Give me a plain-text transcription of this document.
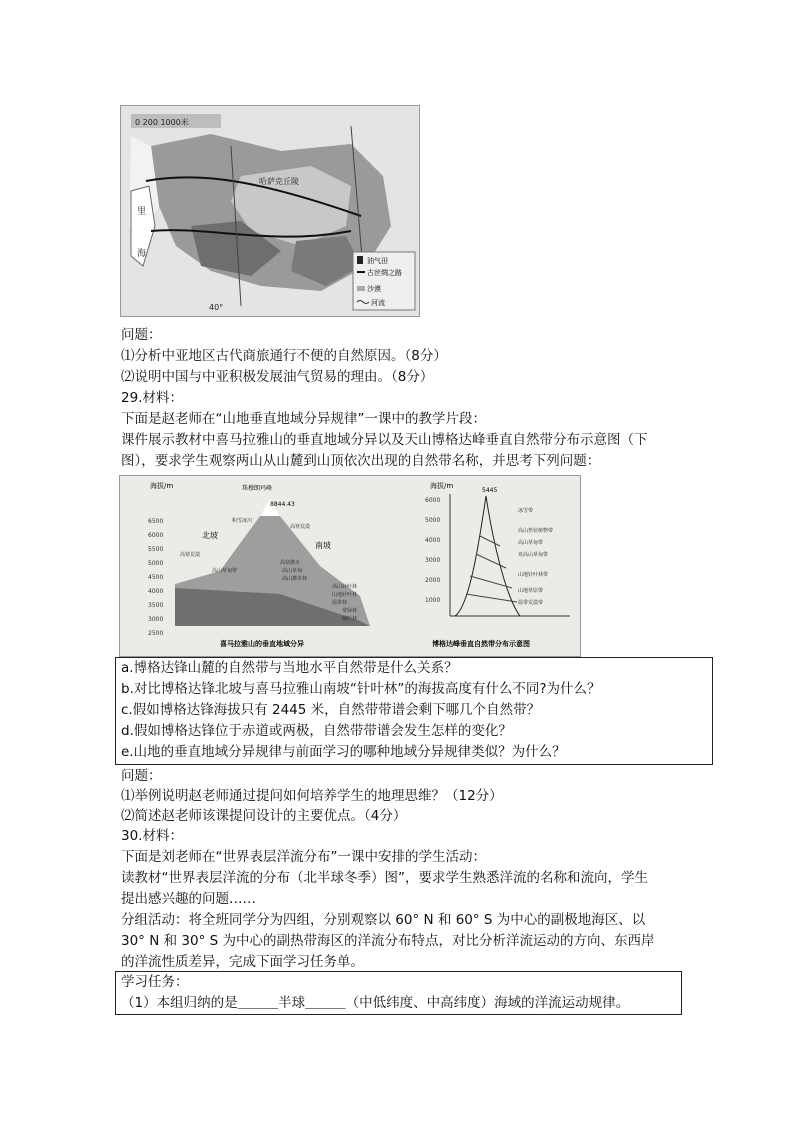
0 200 1000米
哈萨克丘陵
里
海
40°
油气田
古丝绸之路
沙漠
河流
问题：
⑴分析中亚地区古代商旅通行不便的自然原因。（8分）
⑵说明中国与中亚积极发展油气贸易的理由。（8分）
29.材料：
下面是赵老师在“山地垂直地域分异规律”一课中的教学片段：
课件展示教材中喜马拉雅山的垂直地域分异以及天山博格达峰垂直自然带分布示意图（下
图），要求学生观察两山从山麓到山顶依次出现的自然带名称，并思考下列问题：
海拔/m
6500
6000
5500
5000
4500
4000
3500
3000
2500
珠穆朗玛峰
8844.43
北坡
南坡
积雪冰川
高寒荒漠
高山草甸带
高寒荒漠
高寒灌木
高山草甸
高山灌木林
高山针叶林
山地针叶林
温带林
常绿林
阔叶林
喜马拉雅山的垂直地域分异
海拔/m
6000
5000
4000
3000
2000
1000
5445
冰雪带
高山垫状植物带
高山草甸带
亚高山草甸带
山地针叶林带
山地草原带
温带荒漠带
博格达峰垂直自然带分布示意图
a.博格达锋山麓的自然带与当地水平自然带是什么关系？
b.对比博格达锋北坡与喜马拉雅山南坡“针叶林”的海拔高度有什么不同?为什么？
c.假如博格达锋海拔只有 2445 米，自然带带谱会剩下哪几个自然带？
d.假如博格达锋位于赤道或两极，自然带带谱会发生怎样的变化？
e.山地的垂直地域分异规律与前面学习的哪种地域分异规律类似？为什么？
问题：
⑴举例说明赵老师通过提问如何培养学生的地理思维？（12分）
⑵简述赵老师该课提问设计的主要优点。（4分）
30.材料：
下面是刘老师在“世界表层洋流分布”一课中安排的学生活动：
读教材“世界表层洋流的分布（北半球冬季）图”，要求学生熟悉洋流的名称和流向，学生
提出感兴趣的问题……
分组活动：将全班同学分为四组，分别观察以 60° N 和 60° S 为中心的副极地海区、以
30° N 和 30° S 为中心的副热带海区的洋流分布特点，对比分析洋流运动的方向、东西岸
的洋流性质差异，完成下面学习任务单。
学习任务：
（1）本组归纳的是＿＿＿半球＿＿＿（中低纬度、中高纬度）海域的洋流运动规律。
